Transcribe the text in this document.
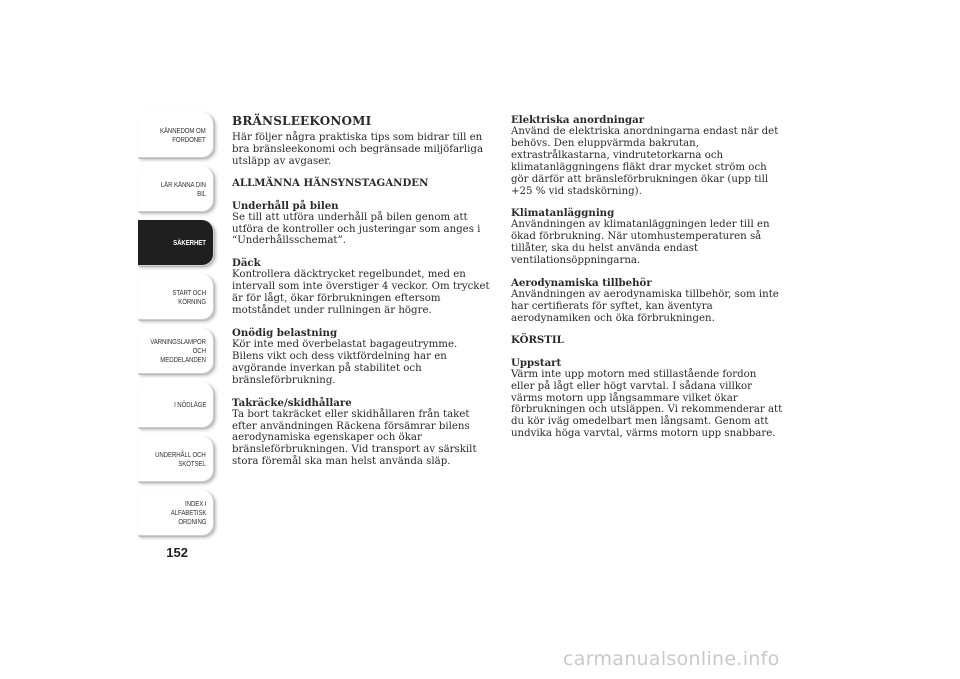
KÄNNEDOM OM
FORDONET
LÄR KÄNNA DIN
BIL
SÄKERHET
START OCH
KÖRNING
VARNINGSLAMPOR
OCH
MEDDELANDEN
I NÖDLÄGE
UNDERHÅLL OCH
SKÖTSEL
INDEX I
ALFABETISK
ORDNING
152
BRÄNSLEEKONOMI

Här följer några praktiska tips som bidrar till en bra bränsleekonomi och begränsade miljöfarliga utsläpp av avgaser.

ALLMÄNNA HÄNSYNSTAGANDEN

Underhåll på bilen

Se till att utföra underhåll på bilen genom att utföra de kontroller och justeringar som anges i “Underhållsschemat”.

Däck

Kontrollera däcktrycket regelbundet, med en intervall som inte överstiger 4 veckor. Om trycket är för lågt, ökar förbrukningen eftersom motståndet under rullningen är högre.

Onödig belastning

Kör inte med överbelastat bagageutrymme. Bilens vikt och dess viktfördelning har en avgörande inverkan på stabilitet och bränsleförbrukning.

Takräcke/skidhållare

Ta bort takräcket eller skidhållaren från taket efter användningen Räckena försämrar bilens aerodynamiska egenskaper och ökar bränsleförbrukningen. Vid transport av särskilt stora föremål ska man helst använda släp.

Elektriska anordningar

Använd de elektriska anordningarna endast när det behövs. Den eluppvärmda bakrutan, extrastrålkastarna, vindrutetorkarna och klimatanläggningens fläkt drar mycket ström och gör därför att bränsleförbrukningen ökar (upp till +25 % vid stadskörning).

Klimatanläggning

Användningen av klimatanläggningen leder till en ökad förbrukning. När utomhustemperaturen så tillåter, ska du helst använda endast ventilationsöppningarna.

Aerodynamiska tillbehör

Användningen av aerodynamiska tillbehör, som inte har certifierats för syftet, kan äventyra aerodynamiken och öka förbrukningen.

KÖRSTIL

Uppstart

Värm inte upp motorn med stillastående fordon eller på lågt eller högt varvtal. I sådana villkor värms motorn upp långsammare vilket ökar förbrukningen och utsläppen. Vi rekommenderar att du kör iväg omedelbart men långsamt. Genom att undvika höga varvtal, värms motorn upp snabbare.

carmanualsonline.info
